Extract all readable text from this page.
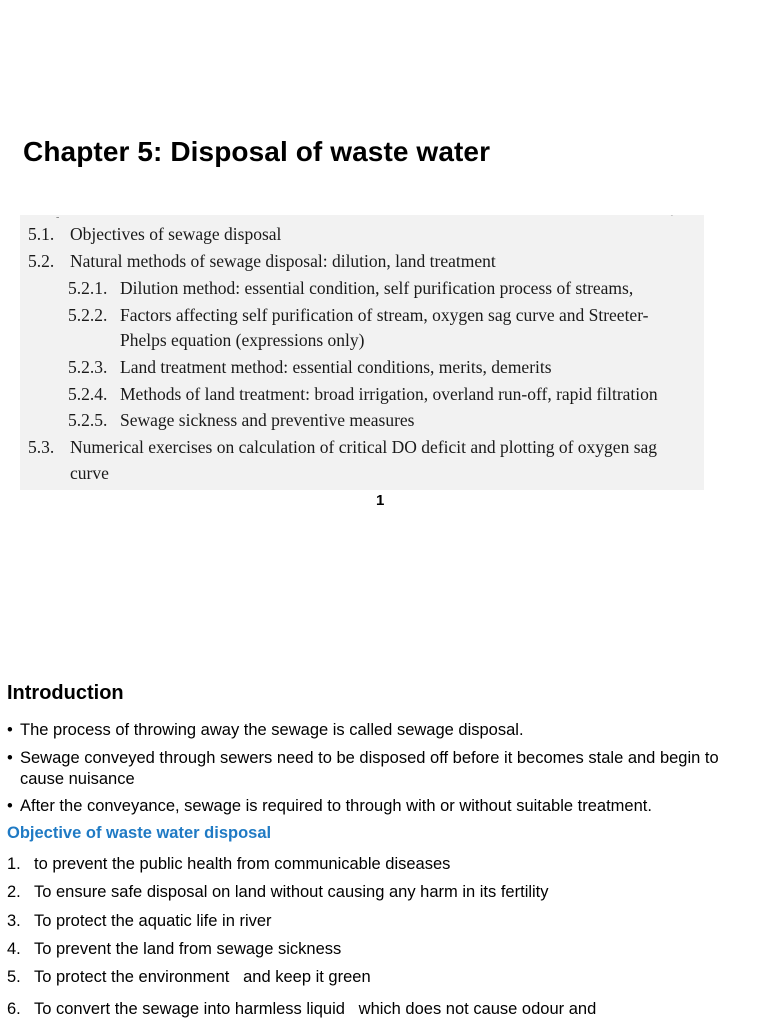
Chapter 5: Disposal of waste water
-	`
5.1. Objectives of sewage disposal
5.2. Natural methods of sewage disposal: dilution, land treatment
5.2.1. Dilution method: essential condition, self purification process of streams,
5.2.2. Factors affecting self purification of stream, oxygen sag curve and Streeter-
Phelps equation (expressions only)
5.2.3. Land treatment method: essential conditions, merits, demerits
5.2.4. Methods of land treatment: broad irrigation, overland run-off, rapid filtration
5.2.5. Sewage sickness and preventive measures
5.3. Numerical exercises on calculation of critical DO deficit and plotting of oxygen sag
curve
1
Introduction
• The process of throwing away the sewage is called sewage disposal.
• Sewage conveyed through sewers need to be disposed off before it becomes stale and begin to cause nuisance
• After the conveyance, sewage is required to through with or without suitable treatment.
Objective of waste water disposal
1. to prevent the public health from communicable diseases
2. To ensure safe disposal on land without causing any harm in its fertility
3. To protect the aquatic life in river
4. To prevent the land from sewage sickness
5. To protect the environment   and keep it green
6. To convert the sewage into harmless liquid   which does not cause odour and
